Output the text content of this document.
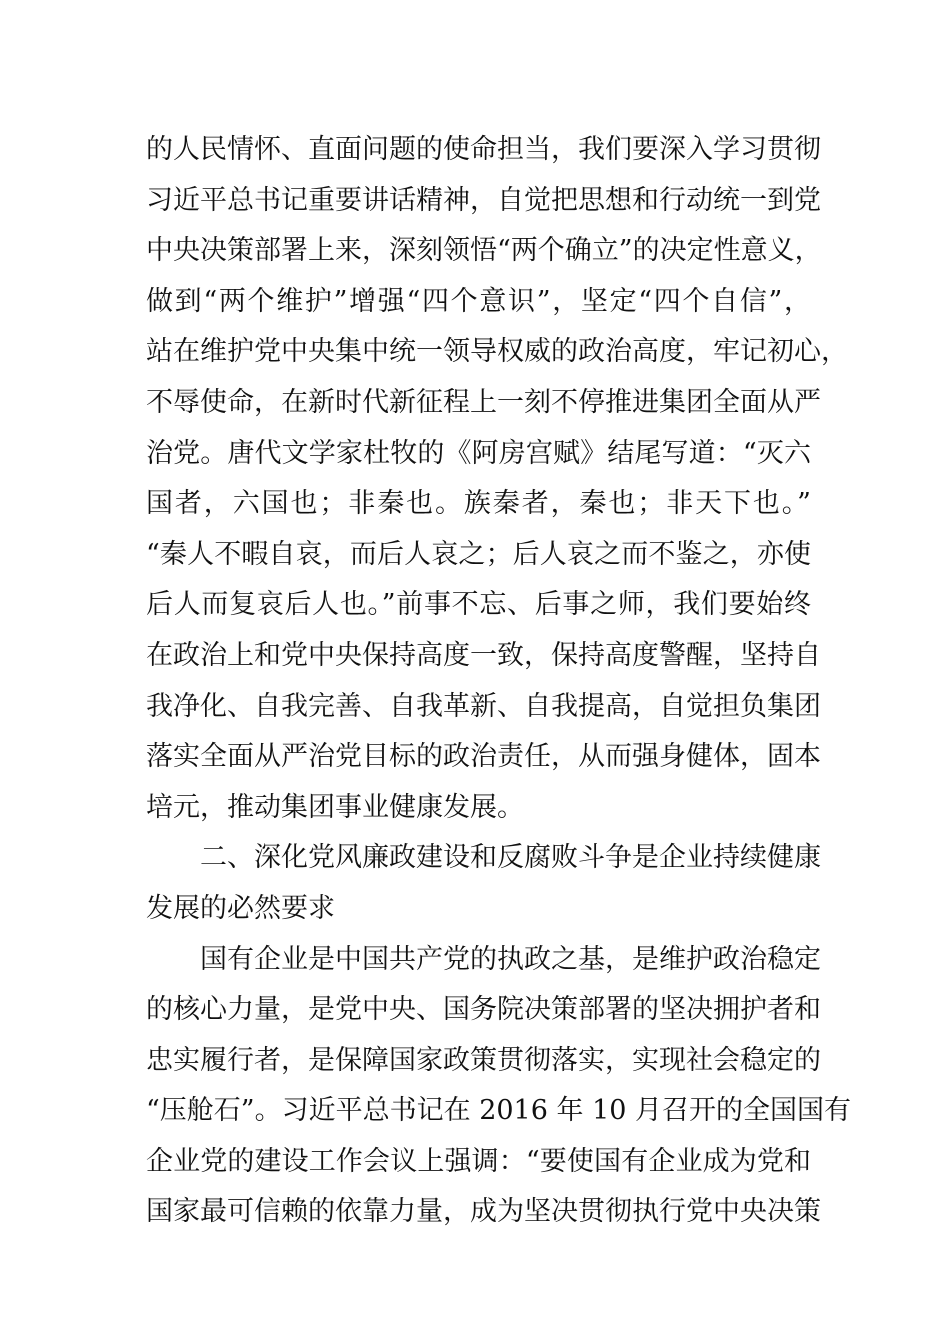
的人民情怀、直面问题的使命担当，我们要深入学习贯彻
习近平总书记重要讲话精神，自觉把思想和行动统一到党
中央决策部署上来，深刻领悟“两个确立”的决定性意义，
做到“两个维护”增强“四个意识”，坚定“四个自信”，
站在维护党中央集中统一领导权威的政治高度，牢记初心，
不辱使命，在新时代新征程上一刻不停推进集团全面从严
治党。唐代文学家杜牧的《阿房宫赋》结尾写道：“灭六
国者，六国也；非秦也。族秦者，秦也；非天下也。”
“秦人不暇自哀，而后人哀之；后人哀之而不鉴之，亦使
后人而复哀后人也。”前事不忘、后事之师，我们要始终
在政治上和党中央保持高度一致，保持高度警醒，坚持自
我净化、自我完善、自我革新、自我提高，自觉担负集团
落实全面从严治党目标的政治责任，从而强身健体，固本
培元，推动集团事业健康发展。
二、深化党风廉政建设和反腐败斗争是企业持续健康
发展的必然要求
国有企业是中国共产党的执政之基，是维护政治稳定
的核心力量，是党中央、国务院决策部署的坚决拥护者和
忠实履行者，是保障国家政策贯彻落实，实现社会稳定的
“压舱石”。习近平总书记在 2016 年 10 月召开的全国国有
企业党的建设工作会议上强调：“要使国有企业成为党和
国家最可信赖的依靠力量，成为坚决贯彻执行党中央决策
